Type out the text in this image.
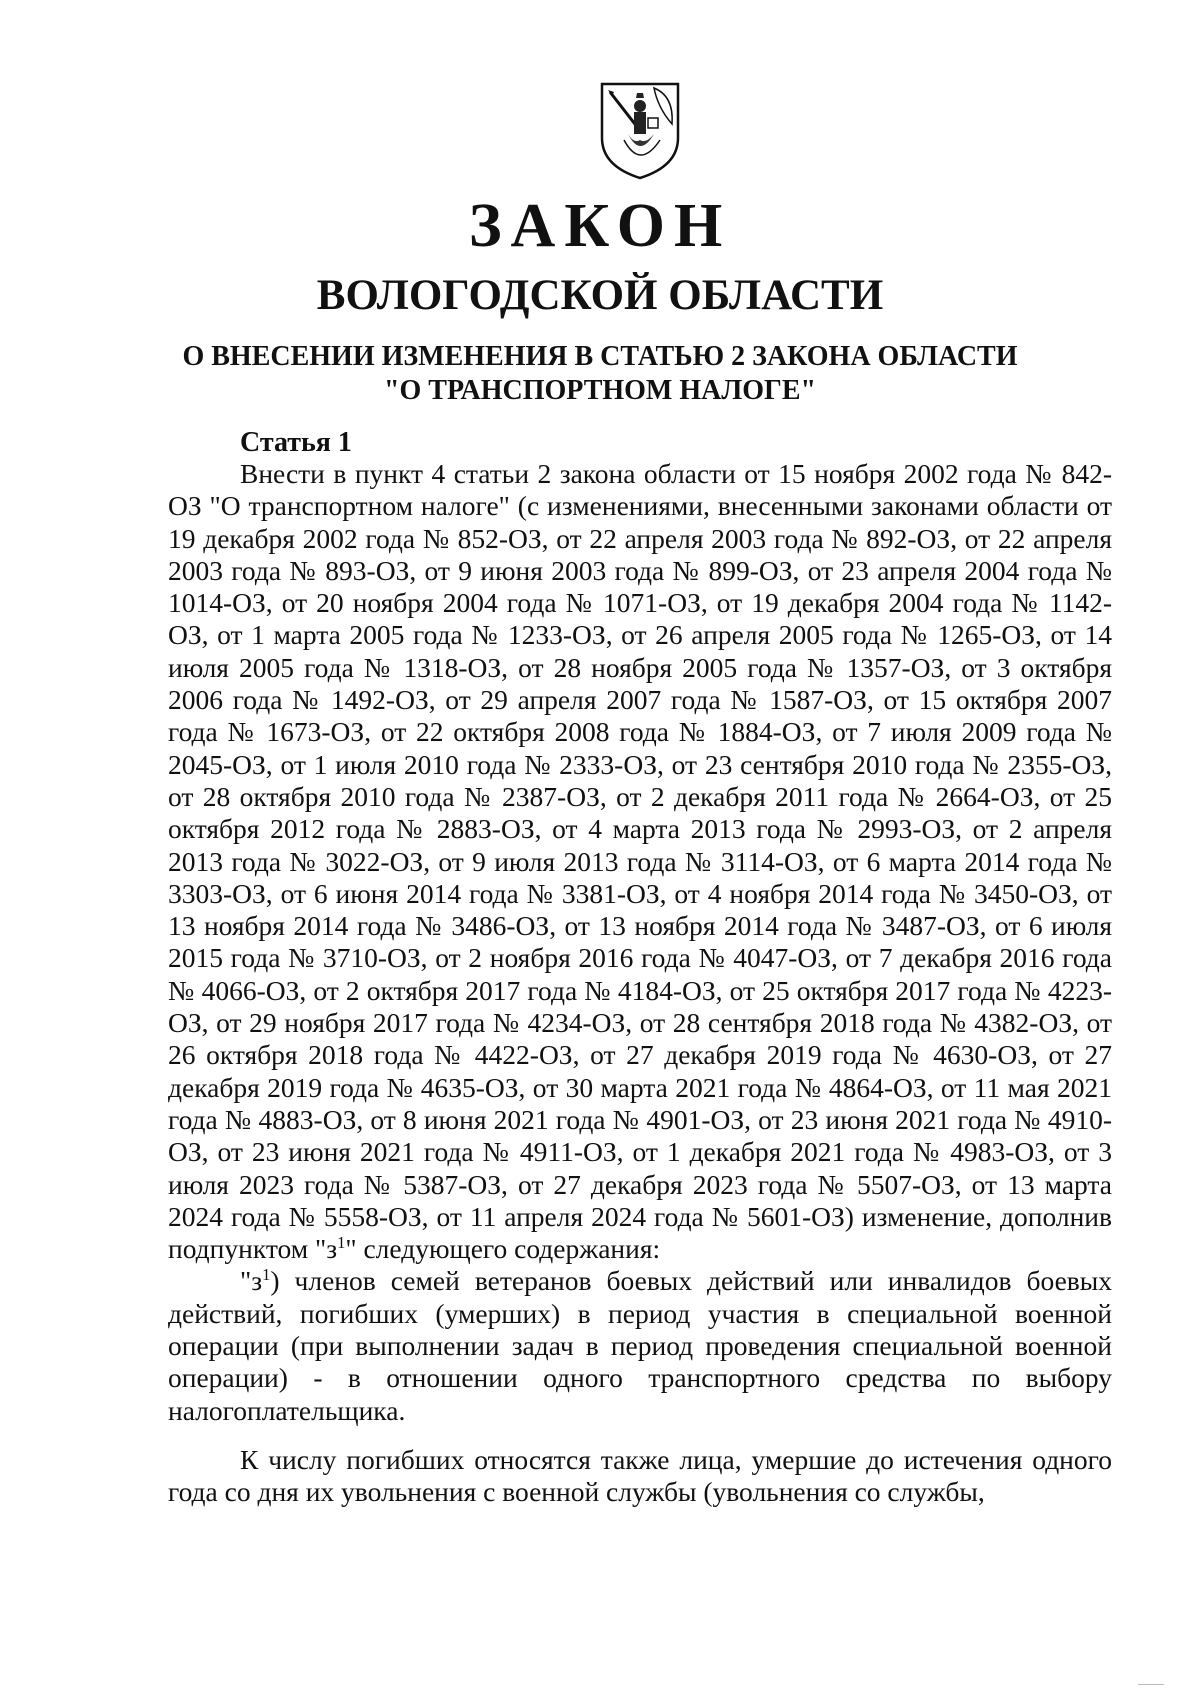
ЗАКОН
ВОЛОГОДСКОЙ ОБЛАСТИ
О ВНЕСЕНИИ ИЗМЕНЕНИЯ В СТАТЬЮ 2 ЗАКОНА ОБЛАСТИ
"О ТРАНСПОРТНОМ НАЛОГЕ"
Статья 1

Внести в пункт 4 статьи 2 закона области от 15 ноября 2002 года № 842-ОЗ "О транспортном налоге" (с изменениями, внесенными законами области от 19 декабря 2002 года № 852-ОЗ, от 22 апреля 2003 года № 892-ОЗ, от 22 апреля 2003 года № 893-ОЗ, от 9 июня 2003 года № 899-ОЗ, от 23 апреля 2004 года № 1014-ОЗ, от 20 ноября 2004 года № 1071-ОЗ, от 19 декабря 2004 года № 1142-ОЗ, от 1 марта 2005 года № 1233-ОЗ, от 26 апреля 2005 года № 1265-ОЗ, от 14 июля 2005 года № 1318-ОЗ, от 28 ноября 2005 года № 1357-ОЗ, от 3 октября 2006 года № 1492-ОЗ, от 29 апреля 2007 года № 1587-ОЗ, от 15 октября 2007 года № 1673-ОЗ, от 22 октября 2008 года № 1884-ОЗ, от 7 июля 2009 года № 2045-ОЗ, от 1 июля 2010 года № 2333-ОЗ, от 23 сентября 2010 года № 2355-ОЗ, от 28 октября 2010 года № 2387-ОЗ, от 2 декабря 2011 года № 2664-ОЗ, от 25 октября 2012 года № 2883-ОЗ, от 4 марта 2013 года № 2993-ОЗ, от 2 апреля 2013 года № 3022-ОЗ, от 9 июля 2013 года № 3114-ОЗ, от 6 марта 2014 года № 3303-ОЗ, от 6 июня 2014 года № 3381-ОЗ, от 4 ноября 2014 года № 3450-ОЗ, от 13 ноября 2014 года № 3486-ОЗ, от 13 ноября 2014 года № 3487-ОЗ, от 6 июля 2015 года № 3710-ОЗ, от 2 ноября 2016 года № 4047-ОЗ, от 7 декабря 2016 года № 4066-ОЗ, от 2 октября 2017 года № 4184-ОЗ, от 25 октября 2017 года № 4223-ОЗ, от 29 ноября 2017 года № 4234-ОЗ, от 28 сентября 2018 года № 4382-ОЗ, от 26 октября 2018 года № 4422-ОЗ, от 27 декабря 2019 года № 4630-ОЗ, от 27 декабря 2019 года № 4635-ОЗ, от 30 марта 2021 года № 4864-ОЗ, от 11 мая 2021 года № 4883-ОЗ, от 8 июня 2021 года № 4901-ОЗ, от 23 июня 2021 года № 4910-ОЗ, от 23 июня 2021 года № 4911-ОЗ, от 1 декабря 2021 года № 4983-ОЗ, от 3 июля 2023 года № 5387-ОЗ, от 27 декабря 2023 года № 5507-ОЗ, от 13 марта 2024 года № 5558-ОЗ, от 11 апреля 2024 года № 5601-ОЗ) изменение, дополнив подпунктом "$з^1$" следующего содержания:

"$з^1$) членов семей ветеранов боевых действий или инвалидов боевых действий, погибших (умерших) в период участия в специальной военной операции (при выполнении задач в период проведения специальной военной операции) - в отношении одного транспортного средства по выбору налогоплательщика.

К числу погибших относятся также лица, умершие до истечения одного года со дня их увольнения с военной службы (увольнения со службы,
